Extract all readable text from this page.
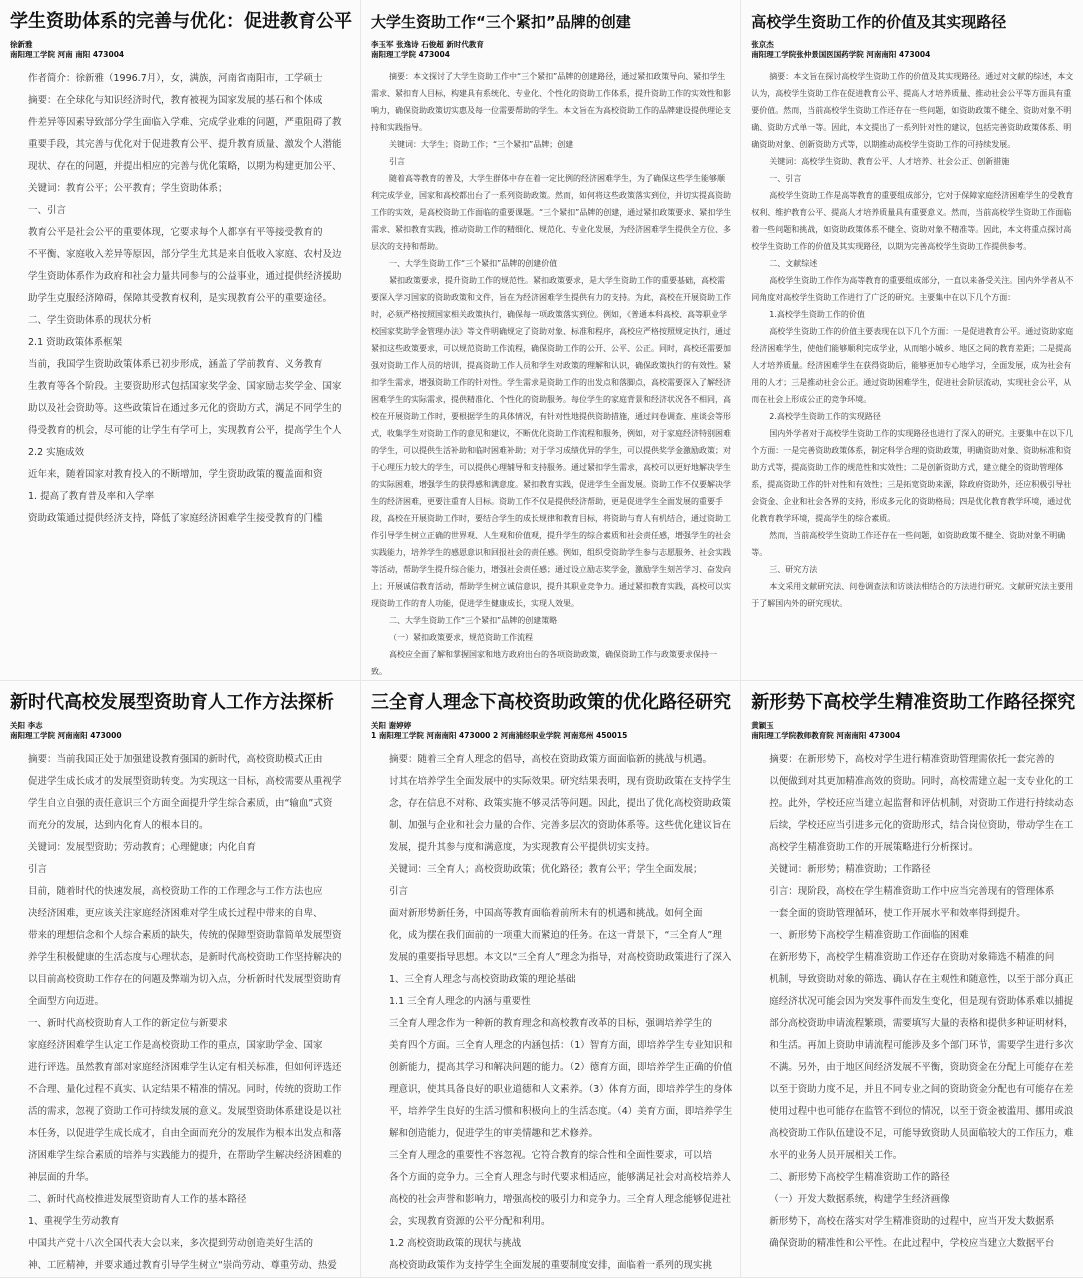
学生资助体系的完善与优化：促进教育公平
徐新雅
南阳理工学院 河南 南阳 473004

作者简介：徐新雅（1996.7月），女，满族，河南省南阳市，工学硕士

摘要：在全球化与知识经济时代，教育被视为国家发展的基石和个体成

件差异等因素导致部分学生面临入学难、完成学业难的问题，严重阻碍了教

重要手段，其完善与优化对于促进教育公平、提升教育质量、激发个人潜能

现状、存在的问题，并提出相应的完善与优化策略，以期为构建更加公平、

关键词：教育公平；公平教育；学生资助体系；

一、引言

教育公平是社会公平的重要体现，它要求每个人都享有平等接受教育的

不平衡、家庭收入差异等原因，部分学生尤其是来自低收入家庭、农村及边

学生资助体系作为政府和社会力量共同参与的公益事业，通过提供经济援助

助学生克服经济障碍，保障其受教育权利，是实现教育公平的重要途径。

二、学生资助体系的现状分析

2.1 资助政策体系框架

当前，我国学生资助政策体系已初步形成，涵盖了学前教育、义务教育

生教育等各个阶段。主要资助形式包括国家奖学金、国家励志奖学金、国家

助以及社会资助等。这些政策旨在通过多元化的资助方式，满足不同学生的

得受教育的机会，尽可能的让学生有学可上，实现教育公平，提高学生个人

2.2 实施成效

近年来，随着国家对教育投入的不断增加，学生资助政策的覆盖面和资

1. 提高了教育普及率和入学率

资助政策通过提供经济支持，降低了家庭经济困难学生接受教育的门槛

大学生资助工作“三个紧扣”品牌的创建
李玉军 张逸诗 石俊超 新时代教育
南阳理工学院 473004

摘要：本文探讨了大学生资助工作中“三个紧扣”品牌的创建路径，通过紧扣政策导向、紧扣学生需求、紧扣育人目标，构建具有系统化、专业化、个性化的资助工作体系，提升资助工作的实效性和影响力，确保资助政策切实惠及每一位需要帮助的学生。本文旨在为高校资助工作的品牌建设提供理论支持和实践指导。

关键词：大学生；资助工作；“三个紧扣”品牌；创建

引言

随着高等教育的普及，大学生群体中存在着一定比例的经济困难学生，为了确保这些学生能够顺利完成学业，国家和高校都出台了一系列资助政策。然而，如何将这些政策落实到位，并切实提高资助工作的实效，是高校资助工作面临的重要课题。“三个紧扣”品牌的创建，通过紧扣政策要求、紧扣学生需求、紧扣教育实践，推动资助工作的精细化、规范化、专业化发展，为经济困难学生提供全方位、多层次的支持和帮助。

一、大学生资助工作“三个紧扣”品牌的创建价值

紧扣政策要求，提升资助工作的规范性。紧扣政策要求，是大学生资助工作的重要基础，高校需要深入学习国家的资助政策和文件，旨在为经济困难学生提供有力的支持。为此，高校在开展资助工作时，必须严格按照国家相关政策执行，确保每一项政策落实到位。例如，《普通本科高校、高等职业学校国家奖助学金管理办法》等文件明确规定了资助对象、标准和程序，高校应严格按照规定执行，通过紧扣这些政策要求，可以规范资助工作流程，确保资助工作的公开、公平、公正。同时，高校还需要加强对资助工作人员的培训，提高资助工作人员和学生对政策的理解和认识，确保政策执行的有效性。紧扣学生需求，增强资助工作的针对性。学生需求是资助工作的出发点和落脚点，高校需要深入了解经济困难学生的实际需求，提供精准化、个性化的资助服务。每位学生的家庭背景和经济状况各不相同，高校在开展资助工作时，要根据学生的具体情况，有针对性地提供资助措施，通过问卷调查、座谈会等形式，收集学生对资助工作的意见和建议，不断优化资助工作流程和服务，例如，对于家庭经济特别困难的学生，可以提供生活补助和临时困难补助；对于学习成绩优异的学生，可以提供奖学金激励政策；对于心理压力较大的学生，可以提供心理辅导和支持服务。通过紧扣学生需求，高校可以更好地解决学生的实际困难，增强学生的获得感和满意度。紧扣教育实践，促进学生全面发展。资助工作不仅要解决学生的经济困难，更要注重育人目标。资助工作不仅是提供经济帮助，更是促进学生全面发展的重要手段，高校在开展资助工作时，要结合学生的成长规律和教育目标，将资助与育人有机结合，通过资助工作引导学生树立正确的世界观、人生观和价值观，提升学生的综合素质和社会责任感，增强学生的社会实践能力，培养学生的感恩意识和回报社会的责任感。例如，组织受资助学生参与志愿服务、社会实践等活动，帮助学生提升综合能力，增强社会责任感；通过设立励志奖学金，激励学生刻苦学习、奋发向上；开展诚信教育活动，帮助学生树立诚信意识，提升其职业竞争力。通过紧扣教育实践，高校可以实现资助工作的育人功能，促进学生健康成长，实现人效果。

二、大学生资助工作“三个紧扣”品牌的创建策略

（一）紧扣政策要求，规范资助工作流程

高校应全面了解和掌握国家和地方政府出台的各项资助政策，确保资助工作与政策要求保持一致。

高校学生资助工作的价值及其实现路径
张京杰
南阳理工学院张仲景国医国药学院 河南南阳 473004

摘要：本文旨在探讨高校学生资助工作的价值及其实现路径。通过对文献的综述，本文认为，高校学生资助工作在促进教育公平、提高人才培养质量、推动社会公平等方面具有重要价值。然而，当前高校学生资助工作还存在一些问题，如资助政策不健全、资助对象不明确、资助方式单一等。因此，本文提出了一系列针对性的建议，包括完善资助政策体系、明确资助对象、创新资助方式等，以期推动高校学生资助工作的可持续发展。

关键词：高校学生资助、教育公平、人才培养、社会公正、创新措施

一、引言

高校学生资助工作是高等教育的重要组成部分，它对于保障家庭经济困难学生的受教育权利、维护教育公平、提高人才培养质量具有重要意义。然而，当前高校学生资助工作面临着一些问题和挑战，如资助政策体系不健全、资助对象不精准等。因此，本文将重点探讨高校学生资助工作的价值及其实现路径，以期为完善高校学生资助工作提供参考。

二、文献综述

高校学生资助工作作为高等教育的重要组成部分，一直以来备受关注。国内外学者从不同角度对高校学生资助工作进行了广泛的研究。主要集中在以下几个方面：

1.高校学生资助工作的价值

高校学生资助工作的价值主要表现在以下几个方面：一是促进教育公平。通过资助家庭经济困难学生，使他们能够顺利完成学业，从而缩小城乡、地区之间的教育差距；二是提高人才培养质量。经济困难学生在获得资助后，能够更加专心地学习，全面发展，成为社会有用的人才；三是推动社会公正。通过资助困难学生，促进社会阶层流动，实现社会公平，从而在社会上形成公正的竞争环境。

2.高校学生资助工作的实现路径

国内外学者对于高校学生资助工作的实现路径也进行了深入的研究。主要集中在以下几个方面：一是完善资助政策体系，制定科学合理的资助政策，明确资助对象、资助标准和资助方式等，提高资助工作的规范性和实效性；二是创新资助方式，建立健全的资助管理体系，提高资助工作的针对性和有效性；三是拓宽资助来源，除政府资助外，还应积极引导社会资金、企业和社会各界的支持，形成多元化的资助格局；四是优化教育教学环境，通过优化教育教学环境，提高学生的综合素质。

然而，当前高校学生资助工作还存在一些问题，如资助政策不健全、资助对象不明确等。

三、研究方法

本文采用文献研究法、问卷调查法和访谈法相结合的方法进行研究。文献研究法主要用于了解国内外的研究现状。

新时代高校发展型资助育人工作方法探析
关阳 李志
南阳理工学院 河南南阳 473000

摘要：当前我国正处于加强建设教育强国的新时代，高校资助模式正由

促进学生成长成才的发展型资助转变。为实现这一目标，高校需要从重视学

学生自立自强的责任意识三个方面全面提升学生综合素质，由“输血”式资

而充分的发展，达到内化育人的根本目的。

关键词：发展型资助；劳动教育；心理健康；内化自育

引言

目前，随着时代的快速发展，高校资助工作的工作理念与工作方法也应

决经济困难，更应该关注家庭经济困难对学生成长过程中带来的自卑、

带来的理想信念和个人综合素质的缺失，传统的保障型资助靠简单发展型资

养学生积极健康的生活态度与心理状态，是新时代高校资助工作坚持解决的

以目前高校资助工作存在的问题及弊端为切入点，分析新时代发展型资助育

全面型方向迈进。

一、新时代高校资助育人工作的新定位与新要求

家庭经济困难学生认定工作是高校资助工作的重点，国家助学金、国家

进行评选。虽然教育部对家庭经济困难学生认定有相关标准，但如何评选还

不合理、量化过程不真实、认定结果不精准的情况。同时，传统的资助工作

活的需求，忽视了资助工作可持续发展的意义。发展型资助体系建设是以社

本任务，以促进学生成长成才，自由全面而充分的发展作为根本出发点和落

济困难学生综合素质的培养与实践能力的提升，在帮助学生解决经济困难的

神层面的升华。

二、新时代高校推进发展型资助育人工作的基本路径

1、重视学生劳动教育

中国共产党十八次全国代表大会以来，多次提到劳动创造美好生活的

神、工匠精神，并要求通过教育引导学生树立“崇尚劳动、尊重劳动、热爱

三全育人理念下高校资助政策的优化路径研究
关阳 谢婷婷
1 南阳理工学院 河南南阳 473000 2 河南浦经职业学院 河南郑州 450015

摘要：随着三全育人理念的倡导，高校在资助政策方面面临新的挑战与机遇。

讨其在培养学生全面发展中的实际效果。研究结果表明，现有资助政策在支持学生

念，存在信息不对称、政策实施不够灵活等问题。因此，提出了优化高校资助政策

制、加强与企业和社会力量的合作、完善多层次的资助体系等。这些优化建议旨在

发展，提升其参与度和满意度，为实现教育公平提供切实支持。

关键词：三全育人；高校资助政策；优化路径；教育公平；学生全面发展；

引言

面对新形势新任务，中国高等教育面临着前所未有的机遇和挑战。如何全面

化，成为摆在我们面前的一项重大而紧迫的任务。在这一背景下，“三全育人”理

发展的重要指导思想。本文以“三全育人”理念为指导，对高校资助政策进行了深入

1、三全育人理念与高校资助政策的理论基础

1.1 三全育人理念的内涵与重要性

三全育人理念作为一种新的教育理念和高校教育改革的目标，强调培养学生的

美育四个方面。三全育人理念的内涵包括：（1）智育方面，即培养学生专业知识和

创新能力，提高其学习和解决问题的能力。（2）德育方面，即培养学生正确的价值

理意识，使其具备良好的职业道德和人文素养。（3）体育方面，即培养学生的身体

平，培养学生良好的生活习惯和积极向上的生活态度。（4）美育方面，即培养学生

解和创造能力，促进学生的审美情趣和艺术修养。

三全育人理念的重要性不容忽视。它符合教育的综合性和全面性要求，可以培

各个方面的竞争力。三全育人理念与时代要求相适应，能够满足社会对高校培养人

高校的社会声誉和影响力，增强高校的吸引力和竞争力。三全育人理念能够促进社

会，实现教育资源的公平分配和利用。

1.2 高校资助政策的现状与挑战

高校资助政策作为支持学生全面发展的重要制度安排，面临着一系列的现实挑

新形势下高校学生精准资助工作路径探究
黄颖玉
南阳理工学院教师教育院 河南南阳 473004

摘要：在新形势下，高校对学生进行精准资助管理需依托一套完善的

以便做到对其更加精准高效的资助。同时，高校需建立起一支专业化的工

控。此外，学校还应当建立起监督和评估机制，对资助工作进行持续动态

后续，学校还应当引进多元化的资助形式，结合岗位资助，带动学生在工

高校学生精准资助工作的开展策略进行分析探讨。

关键词：新形势；精准资助；工作路径

引言：现阶段，高校在学生精准资助工作中应当完善现有的管理体系

一套全面的资助管理循环，使工作开展水平和效率得到提升。

一、新形势下高校学生精准资助工作面临的困难

在新形势下，高校学生精准资助工作还存在资助对象筛选不精准的问

机制，导致资助对象的筛选、确认存在主观性和随意性，以至于部分真正

庭经济状况可能会因为突发事件而发生变化，但是现有资助体系难以捕捉

部分高校资助申请流程繁琐，需要填写大量的表格和提供多种证明材料，

和生活。再加上资助申请流程可能涉及多个部门环节，需要学生进行多次

不满。另外，由于地区间经济发展不平衡，资助资金在分配上可能存在差

以至于资助力度不足，并且不同专业之间的资助资金分配也有可能存在差

使用过程中也可能存在监管不到位的情况，以至于资金被滥用、挪用或浪

高校资助工作队伍建设不足，可能导致资助人员面临较大的工作压力，难

水平的业务人员开展相关工作。

二、新形势下高校学生精准资助工作的路径

（一）开发大数据系统，构建学生经济画像

新形势下，高校在落实对学生精准资助的过程中，应当开发大数据系

确保资助的精准性和公平性。在此过程中，学校应当建立大数据平台
